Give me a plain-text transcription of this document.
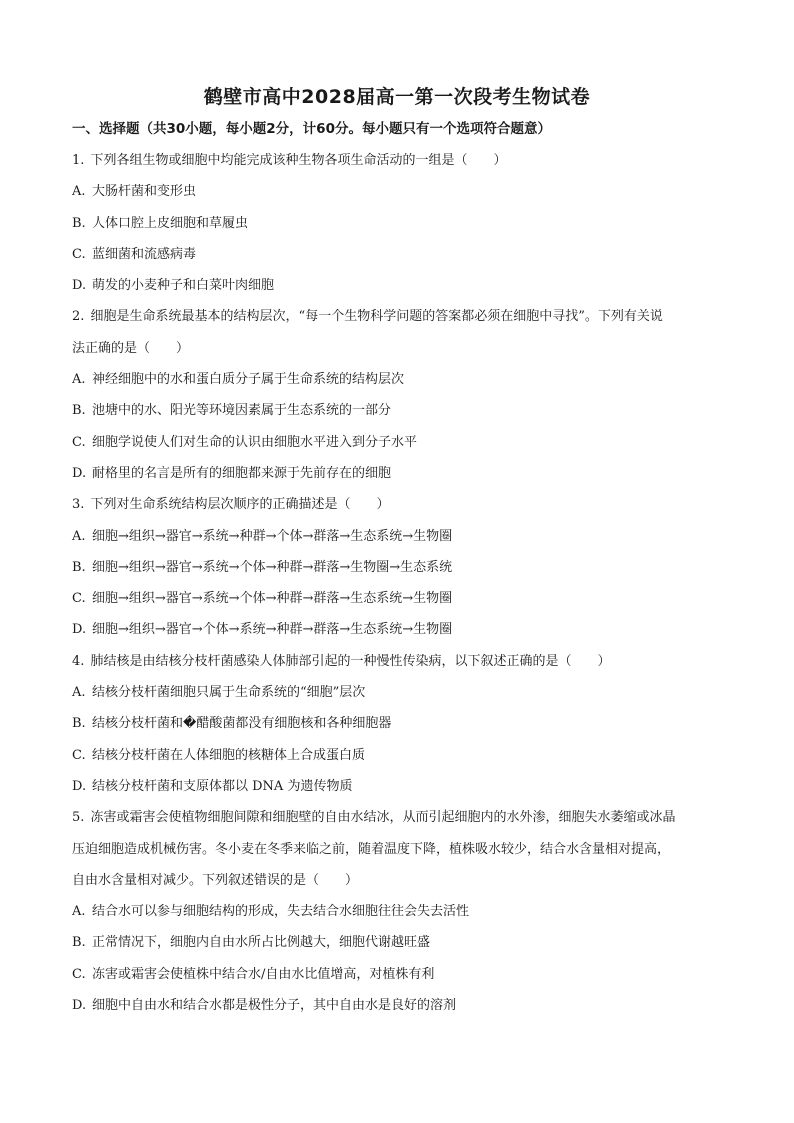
鹤壁市高中2028届高一第一次段考生物试卷
一、选择题（共30小题，每小题2分，计60分。每小题只有一个选项符合题意）
1. 下列各组生物或细胞中均能完成该种生物各项生命活动的一组是（　　）
A. 大肠杆菌和变形虫
B. 人体口腔上皮细胞和草履虫
C. 蓝细菌和流感病毒
D. 萌发的小麦种子和白菜叶肉细胞
2. 细胞是生命系统最基本的结构层次，“每一个生物科学问题的答案都必须在细胞中寻找”。下列有关说
法正确的是（　　）
A. 神经细胞中的水和蛋白质分子属于生命系统的结构层次
B. 池塘中的水、阳光等环境因素属于生态系统的一部分
C. 细胞学说使人们对生命的认识由细胞水平进入到分子水平
D. 耐格里的名言是所有的细胞都来源于先前存在的细胞
3. 下列对生命系统结构层次顺序的正确描述是（　　）
A. 细胞→组织→器官→系统→种群→个体→群落→生态系统→生物圈
B. 细胞→组织→器官→系统→个体→种群→群落→生物圈→生态系统
C. 细胞→组织→器官→系统→个体→种群→群落→生态系统→生物圈
D. 细胞→组织→器官→个体→系统→种群→群落→生态系统→生物圈
4. 肺结核是由结核分枝杆菌感染人体肺部引起的一种慢性传染病，以下叙述正确的是（　　）
A. 结核分枝杆菌细胞只属于生命系统的“细胞”层次
B. 结核分枝杆菌和�醋酸菌都没有细胞核和各种细胞器
C. 结核分枝杆菌在人体细胞的核糖体上合成蛋白质
D. 结核分枝杆菌和支原体都以 DNA 为遗传物质
5. 冻害或霜害会使植物细胞间隙和细胞壁的自由水结冰，从而引起细胞内的水外渗，细胞失水萎缩或冰晶
压迫细胞造成机械伤害。冬小麦在冬季来临之前，随着温度下降，植株吸水较少，结合水含量相对提高，
自由水含量相对减少。下列叙述错误的是（　　）
A. 结合水可以参与细胞结构的形成，失去结合水细胞往往会失去活性
B. 正常情况下，细胞内自由水所占比例越大，细胞代谢越旺盛
C. 冻害或霜害会使植株中结合水/自由水比值增高，对植株有利
D. 细胞中自由水和结合水都是极性分子，其中自由水是良好的溶剂
